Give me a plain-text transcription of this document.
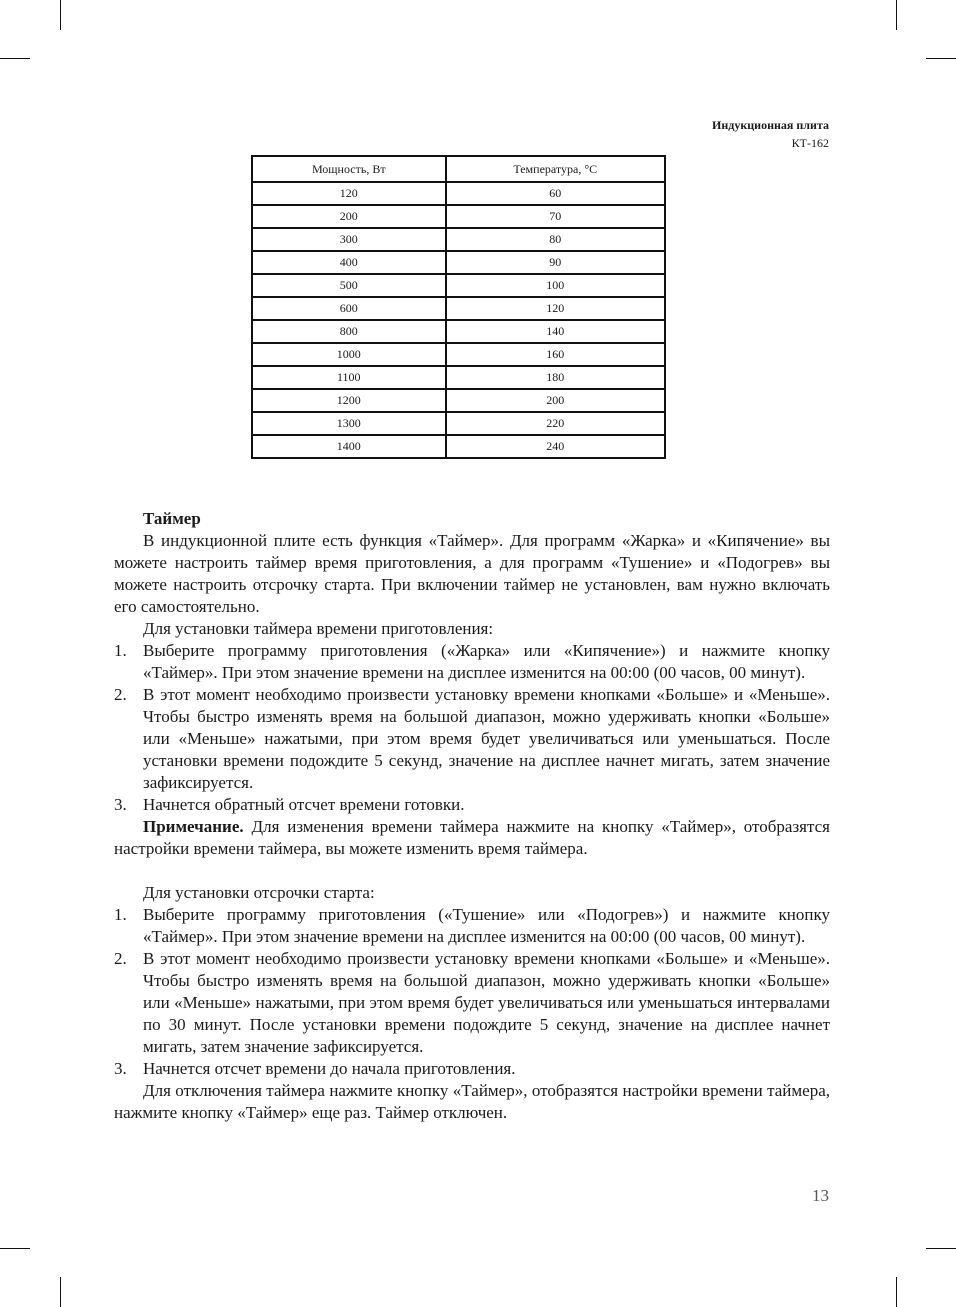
Индукционная плита
КТ-162
Мощность, Вт	Температура, °С
120	60
200	70
300	80
400	90
500	100
600	120
800	140
1000	160
1100	180
1200	200
1300	220
1400	240

Таймер

В индукционной плите есть функция «Таймер». Для программ «Жарка» и «Кипячение» вы можете настроить таймер время приготовления, а для программ «Тушение» и «Подогрев» вы можете настроить отсрочку старта. При включении таймер не установлен, вам нужно включать его самостоятельно.

Для установки таймера времени приготовления:

1. Выберите программу приготовления («Жарка» или «Кипячение») и нажмите кнопку «Таймер». При этом значение времени на дисплее изменится на 00:00 (00 часов, 00 минут).
2. В этот момент необходимо произвести установку времени кнопками «Больше» и «Меньше». Чтобы быстро изменять время на большой диапазон, можно удерживать кнопки «Больше» или «Меньше» нажатыми, при этом время будет увеличиваться или уменьшаться. После установки времени подождите 5 секунд, значение на дисплее начнет мигать, затем значение зафиксируется.
3. Начнется обратный отсчет времени готовки.

Примечание. Для изменения времени таймера нажмите на кнопку «Таймер», отобразятся настройки времени таймера, вы можете изменить время таймера.

Для установки отсрочки старта:

1. Выберите программу приготовления («Тушение» или «Подогрев») и нажмите кнопку «Таймер». При этом значение времени на дисплее изменится на 00:00 (00 часов, 00 минут).
2. В этот момент необходимо произвести установку времени кнопками «Больше» и «Меньше». Чтобы быстро изменять время на большой диапазон, можно удерживать кнопки «Больше» или «Меньше» нажатыми, при этом время будет увеличиваться или уменьшаться интервалами по 30 минут. После установки времени подождите 5 секунд, значение на дисплее начнет мигать, затем значение зафиксируется.
3. Начнется отсчет времени до начала приготовления.

Для отключения таймера нажмите кнопку «Таймер», отобразятся настройки времени таймера, нажмите кнопку «Таймер» еще раз. Таймер отключен.

13
